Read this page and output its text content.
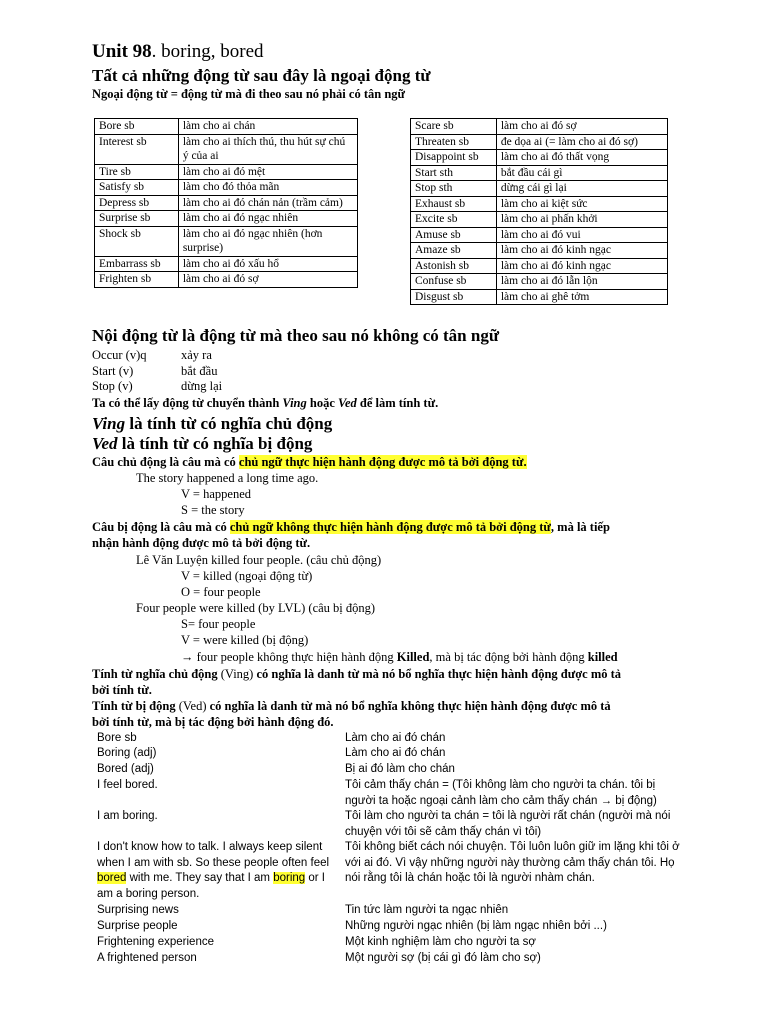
Unit 98. boring, bored
Tất cả những động từ sau đây là ngoại động từ
Ngoại động từ = động từ mà đi theo sau nó phải có tân ngữ
Bore sb	làm cho ai chán
Interest sb	làm cho ai thích thú, thu hút sự chú ý của ai
Tire sb	làm cho ai đó mệt
Satisfy sb	làm cho đó thỏa mãn
Depress sb	làm cho ai đó chán nản (trầm cảm)
Surprise sb	làm cho ai đó ngạc nhiên
Shock sb	làm cho ai đó ngạc nhiên (hơn surprise)
Embarrass sb	làm cho ai đó xấu hổ
Frighten sb	làm cho ai đó sợ
Scare sb	làm cho ai đó sợ
Threaten sb	đe dọa ai (= làm cho ai đó sợ)
Disappoint sb	làm cho ai đó thất vọng
Start sth	bắt đầu cái gì
Stop sth	dừng cái gì lại
Exhaust sb	làm cho ai kiệt sức
Excite sb	làm cho ai phấn khởi
Amuse sb	làm cho ai đó vui
Amaze sb	làm cho ai đó kinh ngạc
Astonish sb	làm cho ai đó kinh ngạc
Confuse sb	làm cho ai đó lẫn lộn
Disgust sb	làm cho ai ghê tởm
Nội động từ là động từ mà theo sau nó không có tân ngữ
Occur (v)q	xảy ra
Start (v)	bắt đầu
Stop (v)	dừng lại
Ta có thể lấy động từ chuyển thành Ving hoặc Ved để làm tính từ.
Ving là tính từ có nghĩa chủ động
Ved là tính từ có nghĩa bị động
Câu chủ động là câu mà có chủ ngữ thực hiện hành động được mô tả bởi động từ.
The story happened a long time ago.
V = happened
S = the story
Câu bị động là câu mà có chủ ngữ không thực hiện hành động được mô tả bởi động từ, mà là tiếp
nhận hành động được mô tả bởi động từ.
Lê Văn Luyện killed four people. (câu chủ động)
V = killed (ngoại động từ)
O = four people
Four people were killed (by LVL) (câu bị động)
S= four people
V = were killed (bị động)
→ four people không thực hiện hành động Killed, mà bị tác động bởi hành động killed
Tính từ nghĩa chủ động (Ving) có nghĩa là danh từ mà nó bổ nghĩa thực hiện hành động được mô tả
bởi tính từ.
Tính từ bị động (Ved) có nghĩa là danh từ mà nó bổ nghĩa không thực hiện hành động được mô tả
bởi tính từ, mà bị tác động bởi hành động đó.
Bore sb	Làm cho ai đó chán
Boring (adj)	Làm cho ai đó chán
Bored (adj)	Bị ai đó làm cho chán
I feel bored.	Tôi cảm thấy chán = (Tôi không làm cho người ta chán. tôi bị người ta hoặc ngoại cảnh làm cho cảm thấy chán → bị động)
I am boring.	Tôi làm cho người ta chán = tôi là người rất chán (người mà nói chuyện với tôi sẽ cảm thấy chán vì tôi)
I don't know how to talk. I always keep silent when I am with sb. So these people often feel bored with me. They say that I am boring or I am a boring person.
Tôi không biết cách nói chuyện. Tôi luôn luôn giữ im lặng khi tôi ở với ai đó. Vì vậy những người này thường cảm thấy chán tôi. Họ nói rằng tôi là chán hoặc tôi là người nhàm chán.
Surprising news	Tin tức làm người ta ngạc nhiên
Surprise people	Những người ngạc nhiên (bị làm ngạc nhiên bởi ...)
Frightening experience	Một kinh nghiệm làm cho người ta sợ
A frightened person	Một người sợ (bị cái gì đó làm cho sợ)
